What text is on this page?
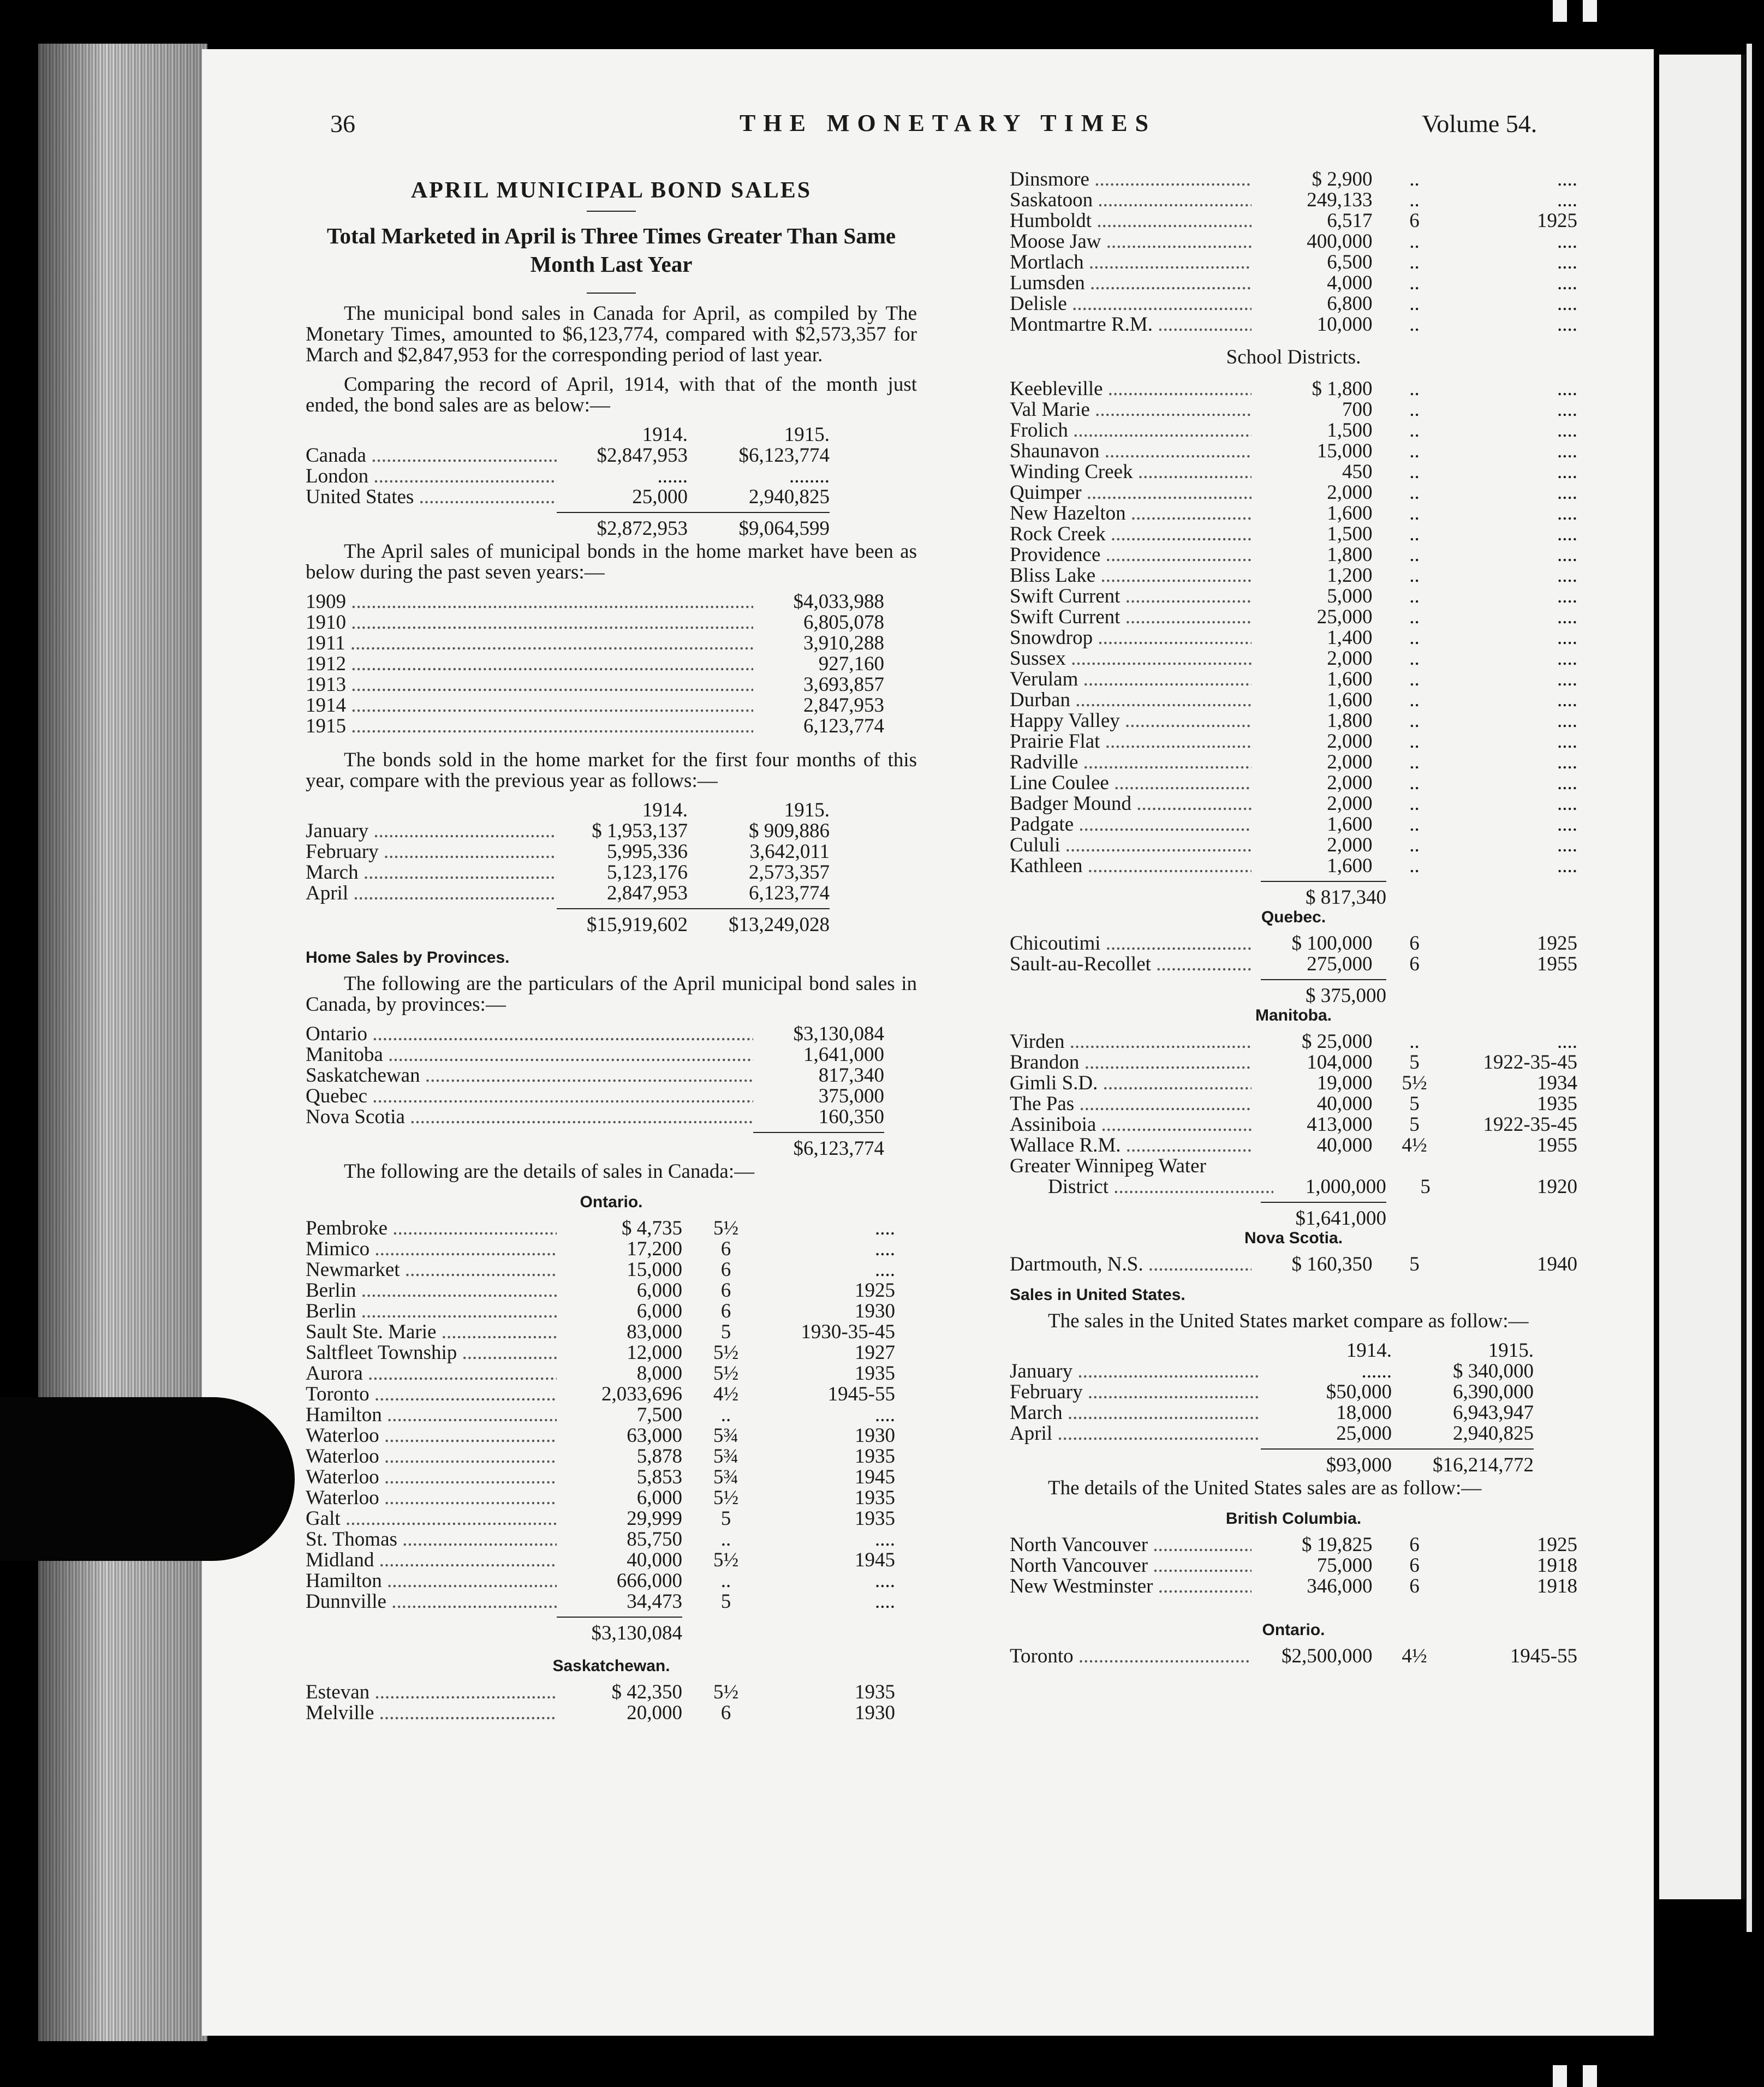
36	THE MONETARY TIMES	Volume 54.
APRIL MUNICIPAL BOND SALES
Total Marketed in April is Three Times Greater Than Same Month Last Year

The municipal bond sales in Canada for April, as compiled by The Monetary Times, amounted to $6,123,774, compared with $2,573,357 for March and $2,847,953 for the corresponding period of last year.

Comparing the record of April, 1914, with that of the month just ended, the bond sales are as below:—

1914.	1915.
Canada .....	$2,847,953	$6,123,774
London .....	......	........
United States .....	25,000	2,940,825
$2,872,953	$9,064,599

The April sales of municipal bonds in the home market have been as below during the past seven years:—

1909 .....	$4,033,988
1910 .....	6,805,078
1911 .....	3,910,288
1912 .....	927,160
1913 .....	3,693,857
1914 .....	2,847,953
1915 .....	6,123,774

The bonds sold in the home market for the first four months of this year, compare with the previous year as follows:—

1914.	1915.
January .....	$ 1,953,137	$ 909,886
February .....	5,995,336	3,642,011
March .....	5,123,176	2,573,357
April .....	2,847,953	6,123,774
$15,919,602	$13,249,028
Home Sales by Provinces.

The following are the particulars of the April municipal bond sales in Canada, by provinces:—

Ontario .....	$3,130,084
Manitoba .....	1,641,000
Saskatchewan .....	817,340
Quebec .....	375,000
Nova Scotia .....	160,350
$6,123,774

The following are the details of sales in Canada:—

Ontario.
Pembroke .....	$ 4,735	5½	....
Mimico .....	17,200	6	....
Newmarket .....	15,000	6	....
Berlin .....	6,000	6	1925
Berlin .....	6,000	6	1930
Sault Ste. Marie .....	83,000	5	1930-35-45
Saltfleet Township .....	12,000	5½	1927
Aurora .....	8,000	5½	1935
Toronto .....	2,033,696	4½	1945-55
Hamilton .....	7,500	..	....
Waterloo .....	63,000	5¾	1930
Waterloo .....	5,878	5¾	1935
Waterloo .....	5,853	5¾	1945
Waterloo .....	6,000	5½	1935
Galt .....	29,999	5	1935
St. Thomas .....	85,750	..	....
Midland .....	40,000	5½	1945
Hamilton .....	666,000	..	....
Dunnville .....	34,473	5	....
$3,130,084
Saskatchewan.
Estevan .....	$ 42,350	5½	1935
Melville .....	20,000	6	1930
Dinsmore .....	$ 2,900	..	....
Saskatoon .....	249,133	..	....
Humboldt .....	6,517	6	1925
Moose Jaw .....	400,000	..	....
Mortlach .....	6,500	..	....
Lumsden .....	4,000	..	....
Delisle .....	6,800	..	....
Montmartre R.M. .....	10,000	..	....
School Districts.
Keebleville .....	$ 1,800	..	....
Val Marie .....	700	..	....
Frolich .....	1,500	..	....
Shaunavon .....	15,000	..	....
Winding Creek .....	450	..	....
Quimper .....	2,000	..	....
New Hazelton .....	1,600	..	....
Rock Creek .....	1,500	..	....
Providence .....	1,800	..	....
Bliss Lake .....	1,200	..	....
Swift Current .....	5,000	..	....
Swift Current .....	25,000	..	....
Snowdrop .....	1,400	..	....
Sussex .....	2,000	..	....
Verulam .....	1,600	..	....
Durban .....	1,600	..	....
Happy Valley .....	1,800	..	....
Prairie Flat .....	2,000	..	....
Radville .....	2,000	..	....
Line Coulee .....	2,000	..	....
Badger Mound .....	2,000	..	....
Padgate .....	1,600	..	....
Cululi .....	2,000	..	....
Kathleen .....	1,600	..	....
$ 817,340
Quebec.
Chicoutimi .....	$ 100,000	6	1925
Sault-au-Recollet .....	275,000	6	1955
$ 375,000
Manitoba.
Virden .....	$ 25,000	..	....
Brandon .....	104,000	5	1922-35-45
Gimli S.D. .....	19,000	5½	1934
The Pas .....	40,000	5	1935
Assiniboia .....	413,000	5	1922-35-45
Wallace R.M. .....	40,000	4½	1955
Greater Winnipeg Water
District .....	1,000,000	5	1920
$1,641,000
Nova Scotia.
Dartmouth, N.S. .....	$ 160,350	5	1940
Sales in United States.

The sales in the United States market compare as follow:—

1914.	1915.
January .....	......	$ 340,000
February .....	$50,000	6,390,000
March .....	18,000	6,943,947
April .....	25,000	2,940,825
$93,000	$16,214,772

The details of the United States sales are as follow:—

British Columbia.
North Vancouver .....	$ 19,825	6	1925
North Vancouver .....	75,000	6	1918
New Westminster .....	346,000	6	1918
Ontario.
Toronto .....	$2,500,000	4½	1945-55
